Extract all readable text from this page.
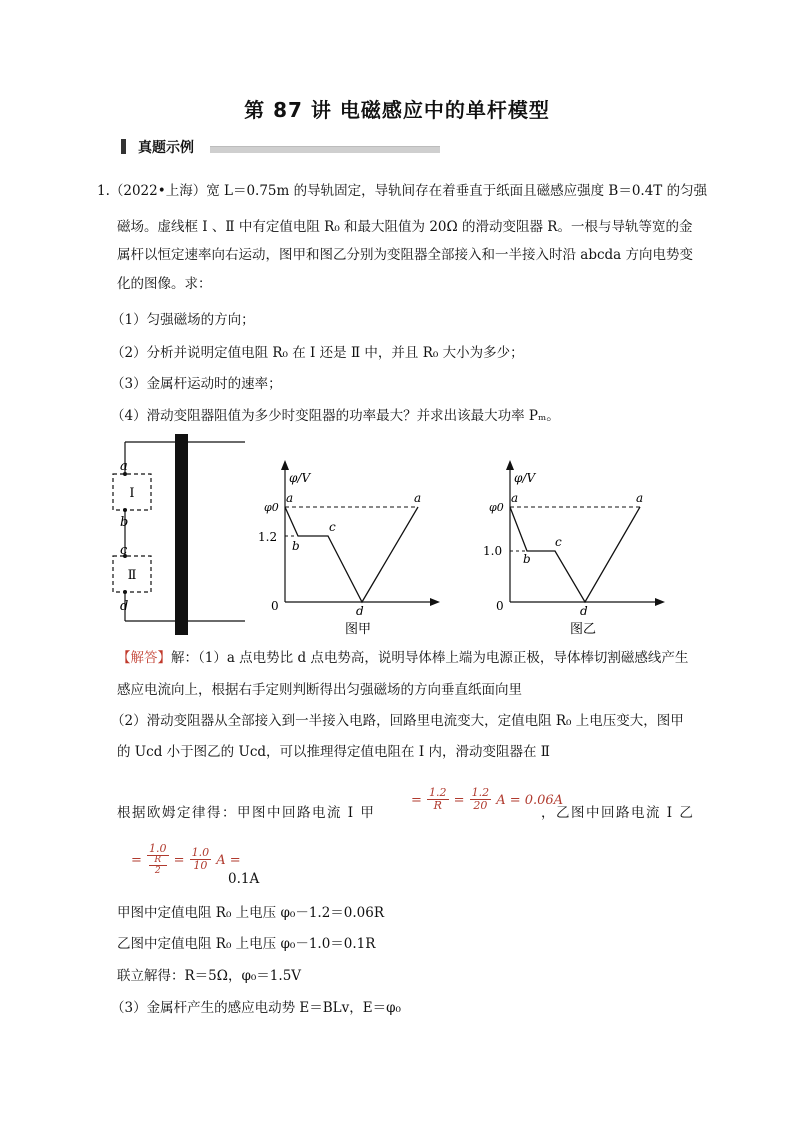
第 87 讲 电磁感应中的单杆模型
真题示例
1.（2022•上海）宽 L＝0.75m 的导轨固定，导轨间存在着垂直于纸面且磁感应强度 B＝0.4T 的匀强
磁场。虚线框 Ⅰ 、Ⅱ 中有定值电阻 R₀ 和最大阻值为 20Ω 的滑动变阻器 R。一根与导轨等宽的金
属杆以恒定速率向右运动，图甲和图乙分别为变阻器全部接入和一半接入时沿 abcda 方向电势变
化的图像。求：
（1）匀强磁场的方向；
（2）分析并说明定值电阻 R₀ 在 Ⅰ 还是 Ⅱ 中，并且 R₀ 大小为多少；
（3）金属杆运动时的速率；
（4）滑动变阻器阻值为多少时变阻器的功率最大？并求出该最大功率 Pₘ。
a
b
c
d
Ⅰ
Ⅱ
φ/V
φ0
1.2
0
a
b
c
d
a
图甲
φ/V
φ0
1.0
0
a
b
c
d
a
图乙
【解答】解：（1）a 点电势比 d 点电势高，说明导体棒上端为电源正极，导体棒切割磁感线产生
感应电流向上，根据右手定则判断得出匀强磁场的方向垂直纸面向里
（2）滑动变阻器从全部接入到一半接入电路，回路里电流变大，定值电阻 R₀ 上电压变大，图甲
的 Ucd 小于图乙的 Ucd，可以推理得定值电阻在 Ⅰ 内，滑动变阻器在 Ⅱ
根据欧姆定律得：甲图中回路电流 I 甲
= $\frac{1.2}{R} = \frac{1.2}{20}$ A = 0.06A
，乙图中回路电流 I 乙
= 1.0
R
$2 = \frac{1.0}{10}$ A =
0.1A
甲图中定值电阻 R₀ 上电压 φ₀－1.2＝0.06R
乙图中定值电阻 R₀ 上电压 φ₀－1.0＝0.1R
联立解得：R＝5Ω，φ₀＝1.5V
（3）金属杆产生的感应电动势 E＝BLv，E＝φ₀
